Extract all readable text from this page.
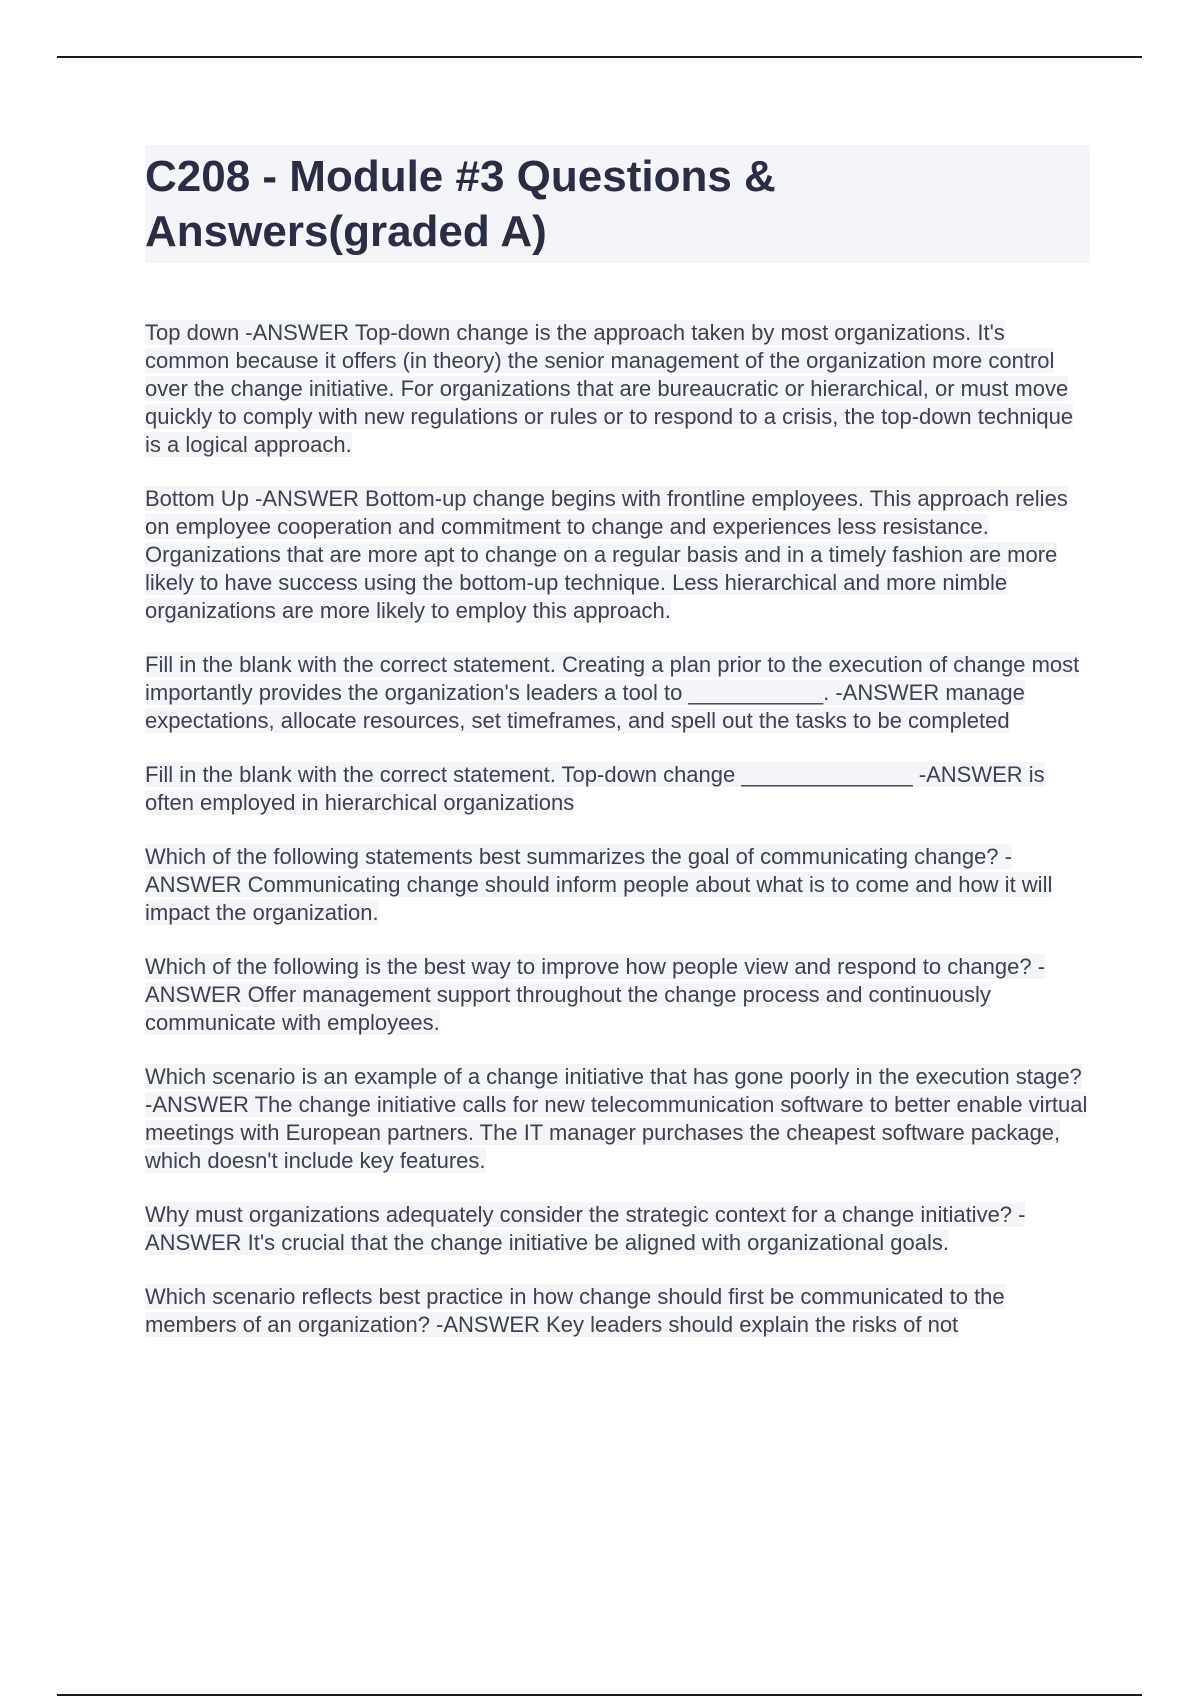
C208 - Module #3 Questions & Answers(graded A)

Top down -ANSWER Top-down change is the approach taken by most organizations. It's common because it offers (in theory) the senior management of the organization more control over the change initiative. For organizations that are bureaucratic or hierarchical, or must move quickly to comply with new regulations or rules or to respond to a crisis, the top-down technique is a logical approach.

Bottom Up -ANSWER Bottom-up change begins with frontline employees. This approach relies on employee cooperation and commitment to change and experiences less resistance. Organizations that are more apt to change on a regular basis and in a timely fashion are more likely to have success using the bottom-up technique. Less hierarchical and more nimble organizations are more likely to employ this approach.

Fill in the blank with the correct statement. Creating a plan prior to the execution of change most importantly provides the organization's leaders a tool to ___________. -ANSWER manage expectations, allocate resources, set timeframes, and spell out the tasks to be completed

Fill in the blank with the correct statement. Top-down change ______________ -ANSWER is often employed in hierarchical organizations

Which of the following statements best summarizes the goal of communicating change? -ANSWER Communicating change should inform people about what is to come and how it will impact the organization.

Which of the following is the best way to improve how people view and respond to change? -ANSWER Offer management support throughout the change process and continuously communicate with employees.

Which scenario is an example of a change initiative that has gone poorly in the execution stage? -ANSWER The change initiative calls for new telecommunication software to better enable virtual meetings with European partners. The IT manager purchases the cheapest software package, which doesn't include key features.

Why must organizations adequately consider the strategic context for a change initiative? -ANSWER It's crucial that the change initiative be aligned with organizational goals.

Which scenario reflects best practice in how change should first be communicated to the members of an organization? -ANSWER Key leaders should explain the risks of not
